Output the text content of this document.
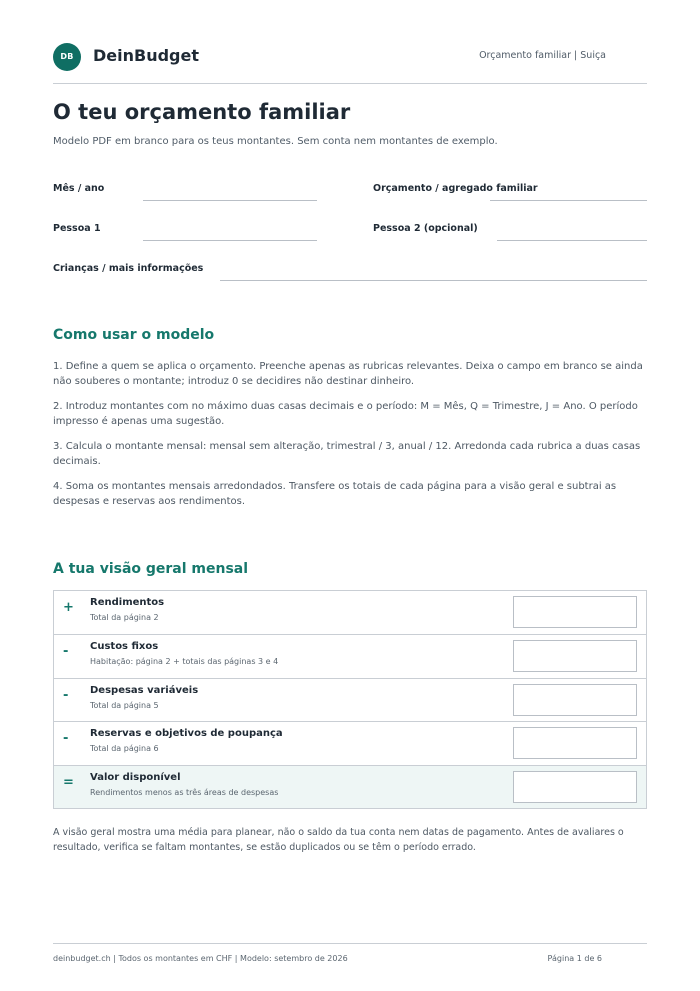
DB	DeinBudget	Orçamento familiar | Suiça
O teu orçamento familiar
Modelo PDF em branco para os teus montantes. Sem conta nem montantes de exemplo.
Mês / ano	Orçamento / agregado familiar
Pessoa 1	Pessoa 2 (opcional)
Crianças / mais informações
Como usar o modelo
1. Define a quem se aplica o orçamento. Preenche apenas as rubricas relevantes. Deixa o campo em branco se ainda não souberes o montante; introduz 0 se decidires não destinar dinheiro.
2. Introduz montantes com no máximo duas casas decimais e o período: M = Mês, Q = Trimestre, J = Ano. O período impresso é apenas uma sugestão.
3. Calcula o montante mensal: mensal sem alteração, trimestral / 3, anual / 12. Arredonda cada rubrica a duas casas decimais.
4. Soma os montantes mensais arredondados. Transfere os totais de cada página para a visão geral e subtrai as despesas e reservas aos rendimentos.
A tua visão geral mensal
+ Rendimentos
Total da página 2
- Custos fixos
Habitação: página 2 + totais das páginas 3 e 4
- Despesas variáveis
Total da página 5
- Reservas e objetivos de poupança
Total da página 6
= Valor disponível
Rendimentos menos as três áreas de despesas
A visão geral mostra uma média para planear, não o saldo da tua conta nem datas de pagamento. Antes de avaliares o resultado, verifica se faltam montantes, se estão duplicados ou se têm o período errado.
deinbudget.ch | Todos os montantes em CHF | Modelo: setembro de 2026	Página 1 de 6
